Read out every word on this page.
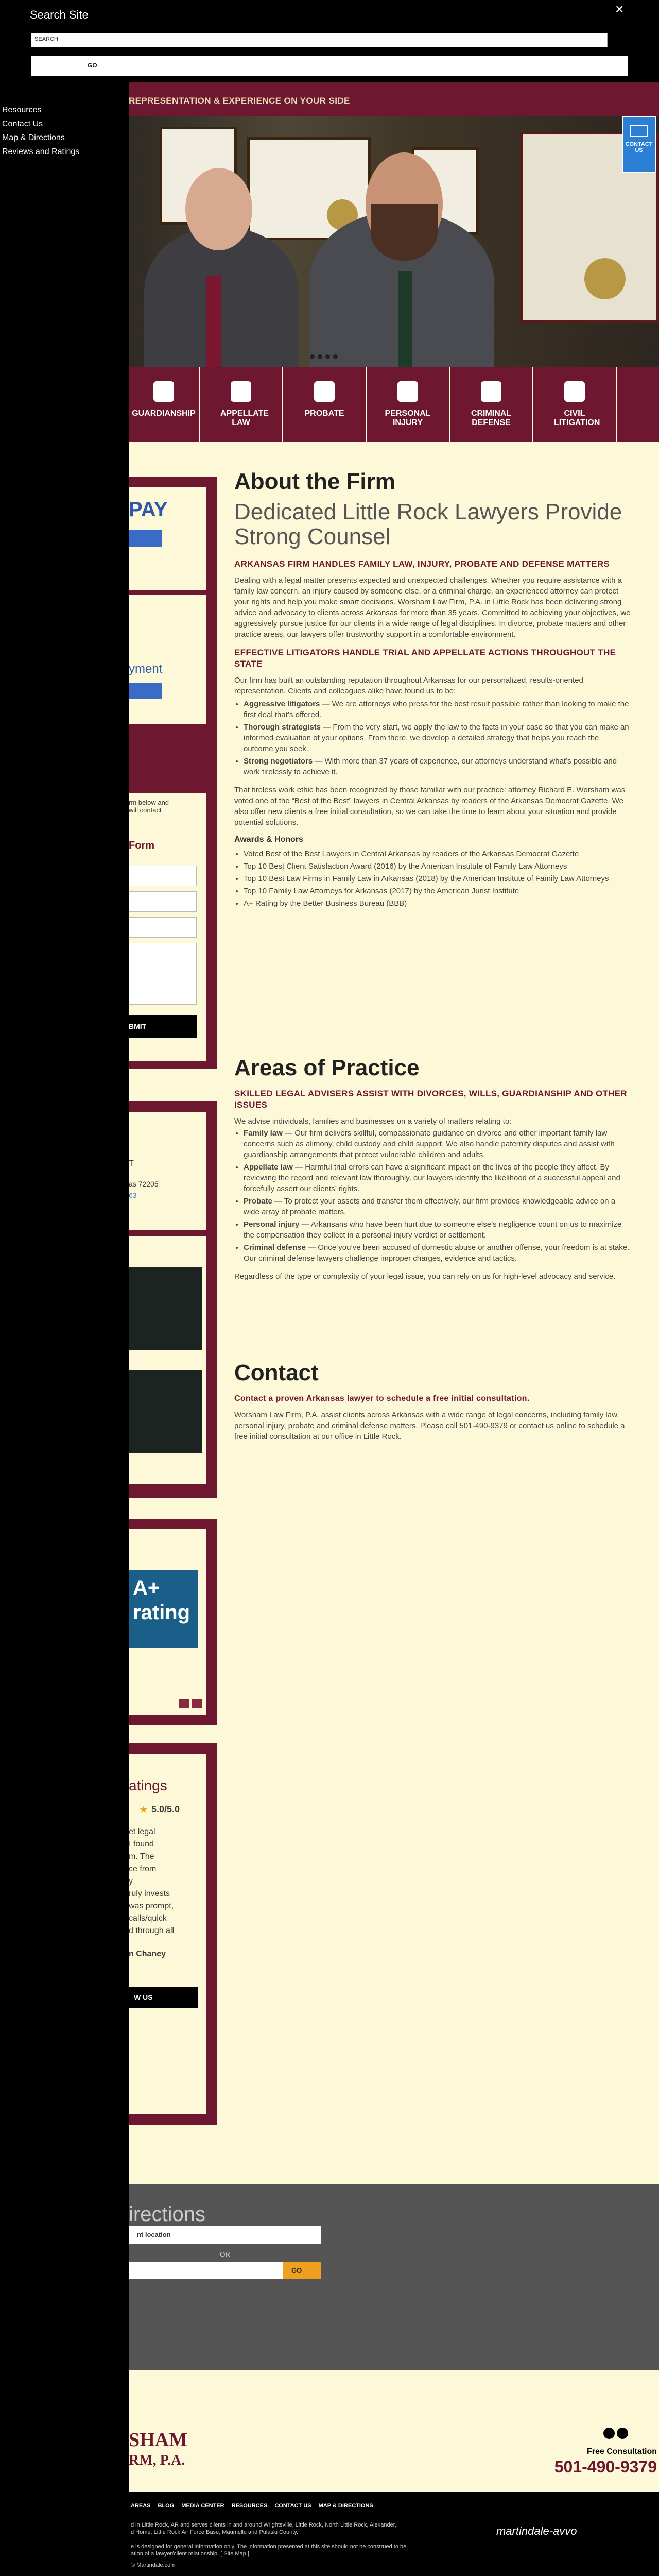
Search Site	×
SEARCH
GO
Resources
Contact Us
Map & Directions
Reviews and Ratings
REPRESENTATION & EXPERIENCE ON YOUR SIDE
CONTACT US
GUARDIANSHIP	APPELLATE LAW
PROBATE	PERSONAL INJURY
CRIMINAL DEFENSE
CIVIL LITIGATION
PAY
yment
rm below and
will contact
Form
BMIT
T
as 72205
63
A+
rating
atings
★ 5.0/5.0
et legal
I found
m. The
ce from
y
ruly invests
was prompt,
calls/quick
d through all
n Chaney
W US
About the Firm
Dedicated Little Rock Lawyers Provide Strong Counsel
ARKANSAS FIRM HANDLES FAMILY LAW, INJURY, PROBATE AND DEFENSE MATTERS

Dealing with a legal matter presents expected and unexpected challenges. Whether you require assistance with a family law concern, an injury caused by someone else, or a criminal charge, an experienced attorney can protect your rights and help you make smart decisions. Worsham Law Firm, P.A. in Little Rock has been delivering strong advice and advocacy to clients across Arkansas for more than 35 years. Committed to achieving your objectives, we aggressively pursue justice for our clients in a wide range of legal disciplines. In divorce, probate matters and other practice areas, our lawyers offer trustworthy support in a comfortable environment.

EFFECTIVE LITIGATORS HANDLE TRIAL AND APPELLATE ACTIONS THROUGHOUT THE STATE

Our firm has built an outstanding reputation throughout Arkansas for our personalized, results-oriented representation. Clients and colleagues alike have found us to be:

• Aggressive litigators — We are attorneys who press for the best result possible rather than looking to make the first deal that’s offered.
• Thorough strategists — From the very start, we apply the law to the facts in your case so that you can make an informed evaluation of your options. From there, we develop a detailed strategy that helps you reach the outcome you seek.
• Strong negotiators — With more than 37 years of experience, our attorneys understand what’s possible and work tirelessly to achieve it.

That tireless work ethic has been recognized by those familiar with our practice: attorney Richard E. Worsham was voted one of the “Best of the Best” lawyers in Central Arkansas by readers of the Arkansas Democrat Gazette. We also offer new clients a free initial consultation, so we can take the time to learn about your situation and provide potential solutions.

Awards & Honors
• Voted Best of the Best Lawyers in Central Arkansas by readers of the Arkansas Democrat Gazette
• Top 10 Best Client Satisfaction Award (2016) by the American Institute of Family Law Attorneys
• Top 10 Best Law Firms in Family Law in Arkansas (2018) by the American Institute of Family Law Attorneys
• Top 10 Family Law Attorneys for Arkansas (2017) by the American Jurist Institute
• A+ Rating by the Better Business Bureau (BBB)
Areas of Practice
SKILLED LEGAL ADVISERS ASSIST WITH DIVORCES, WILLS, GUARDIANSHIP AND OTHER ISSUES

We advise individuals, families and businesses on a variety of matters relating to:

• Family law — Our firm delivers skillful, compassionate guidance on divorce and other important family law concerns such as alimony, child custody and child support. We also handle paternity disputes and assist with guardianship arrangements that protect vulnerable children and adults.
• Appellate law — Harmful trial errors can have a significant impact on the lives of the people they affect. By reviewing the record and relevant law thoroughly, our lawyers identify the likelihood of a successful appeal and forcefully assert our clients’ rights.
• Probate — To protect your assets and transfer them effectively, our firm provides knowledgeable advice on a wide array of probate matters.
• Personal injury — Arkansans who have been hurt due to someone else’s negligence count on us to maximize the compensation they collect in a personal injury verdict or settlement.
• Criminal defense — Once you’ve been accused of domestic abuse or another offense, your freedom is at stake. Our criminal defense lawyers challenge improper charges, evidence and tactics.

Regardless of the type or complexity of your legal issue, you can rely on us for high-level advocacy and service.

Contact
Contact a proven Arkansas lawyer to schedule a free initial consultation.

Worsham Law Firm, P.A. assist clients across Arkansas with a wide range of legal concerns, including family law, personal injury, probate and criminal defense matters. Please call 501-490-9379 or contact us online to schedule a free initial consultation at our office in Little Rock.

irections
nt location
OR
GO
SHAM
RM, P.A.
Free Consultation
501-490-9379
AREAS BLOG MEDIA CENTER RESOURCES CONTACT US MAP & DIRECTIONS
d in Little Rock, AR and serves clients in and around Wrightsville, Little Rock, North Little Rock, Alexander,
d Home, Little Rock Air Force Base, Maumelle and Pulaski County.
e is designed for general information only. The information presented at this site should not be construed to be
ation of a lawyer/client relationship. [ Site Map ]
© Martindale.com
martindale-avvo
